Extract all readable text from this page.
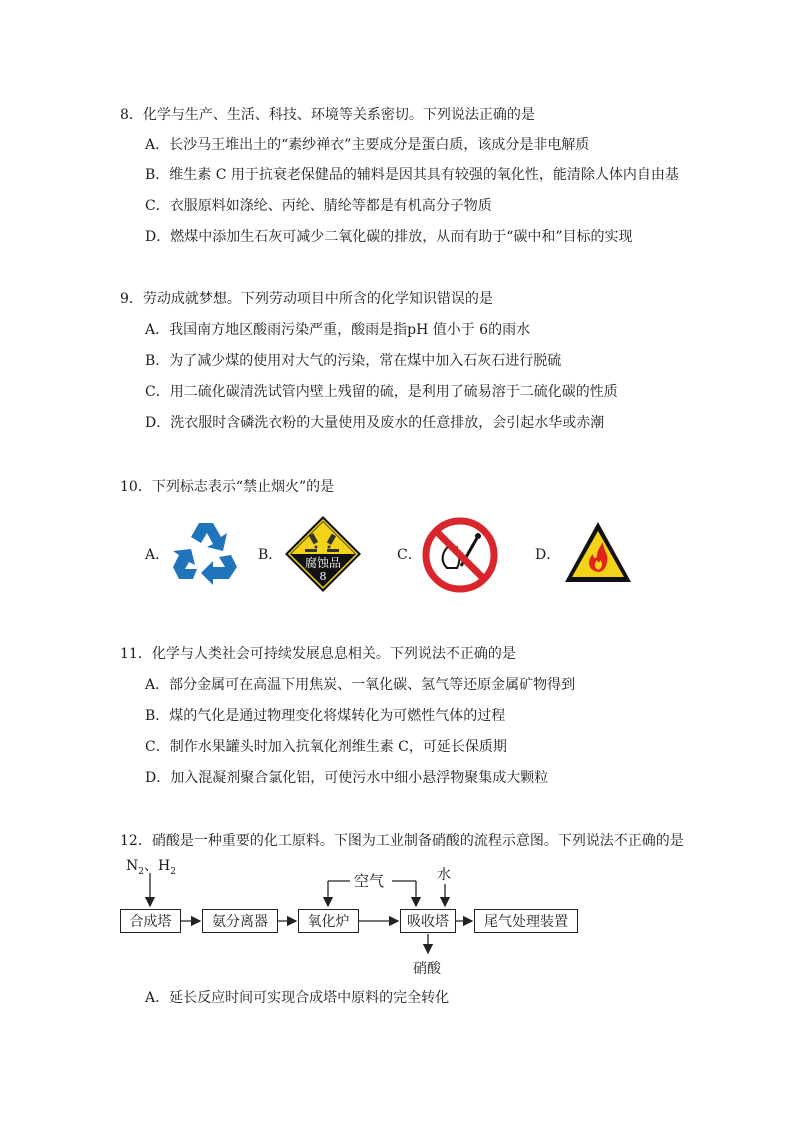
8．化学与生产、生活、科技、环境等关系密切。下列说法正确的是
A．长沙马王堆出土的“素纱禅衣”主要成分是蛋白质，该成分是非电解质
B．维生素 C 用于抗衰老保健品的辅料是因其具有较强的氧化性，能清除人体内自由基
C．衣服原料如涤纶、丙纶、腈纶等都是有机高分子物质
D．燃煤中添加生石灰可减少二氧化碳的排放，从而有助于“碳中和”目标的实现
9．劳动成就梦想。下列劳动项目中所含的化学知识错误的是
A．我国南方地区酸雨污染严重，酸雨是指pH 值小于 6的雨水
B．为了减少煤的使用对大气的污染，常在煤中加入石灰石进行脱硫
C．用二硫化碳清洗试管内壁上残留的硫，是利用了硫易溶于二硫化碳的性质
D．洗衣服时含磷洗衣粉的大量使用及废水的任意排放，会引起水华或赤潮
10．下列标志表示“禁止烟火”的是
A．	B．	腐蚀品
8
C．	D．
11．化学与人类社会可持续发展息息相关。下列说法不正确的是
A．部分金属可在高温下用焦炭、一氧化碳、氢气等还原金属矿物得到
B．煤的气化是通过物理变化将煤转化为可燃性气体的过程
C．制作水果罐头时加入抗氧化剂维生素 C，可延长保质期
D．加入混凝剂聚合氯化铝，可使污水中细小悬浮物聚集成大颗粒
12．硝酸是一种重要的化工原料。下图为工业制备硝酸的流程示意图。下列说法不正确的是
$N_2$、$H_2$
空气	水
合成塔	氨分离器	氧化炉	吸收塔	尾气处理装置
硝酸
A．延长反应时间可实现合成塔中原料的完全转化
